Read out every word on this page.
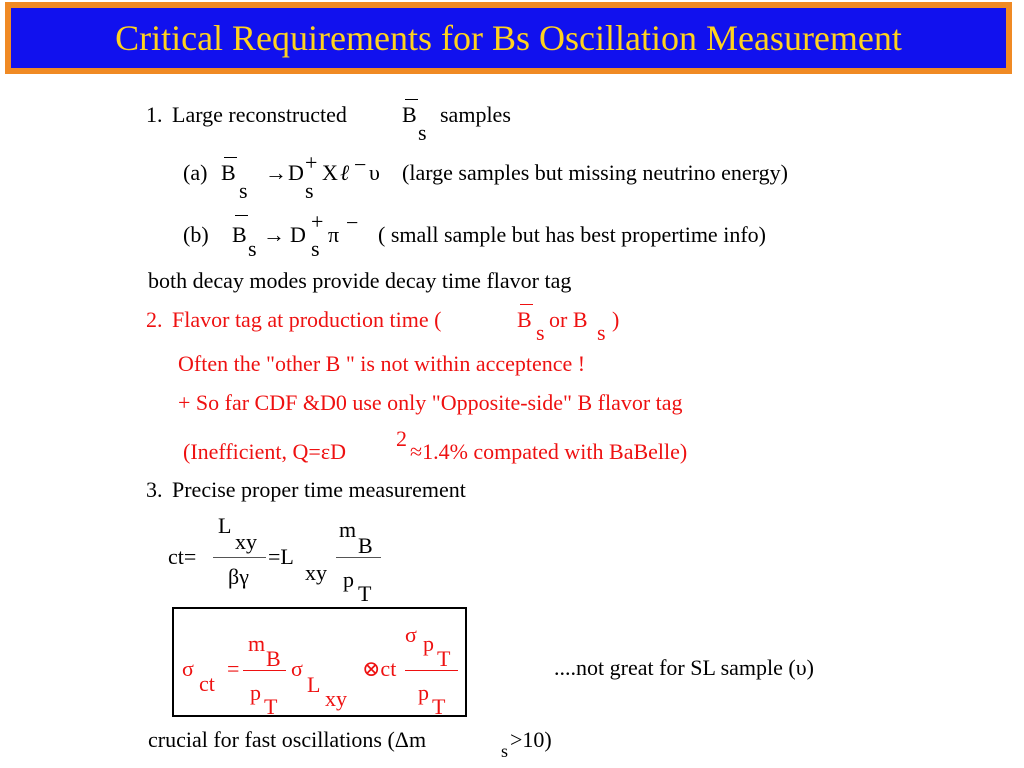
Critical Requirements for Bs Oscillation Measurement
1. Large reconstructed	B
s
samples
(a) B
s
→ D +
s
X ℓ − υ (large samples but missing neutrino energy)
(b) B
s
→ D
+
s
π − ( small sample but has best propertime info)
both decay modes provide decay time flavor tag
2. Flavor tag at production time (	B
s
or B
s
)
Often the "other B " is not within acceptence !
+ So far CDF &D0 use only "Opposite-side" B flavor tag
(Inefficient, Q=εD
2
≈1.4% compated with BaBelle)
3. Precise proper time measurement
ct=
L
xy
βγ
=L
xy
m
B
p
T
σ
ct
=
m
B
p
T
σ
L
xy
⊗ct
σ p
T
p
T
....not great for SL sample (υ)
crucial for fast oscillations (Δm	s >10)
